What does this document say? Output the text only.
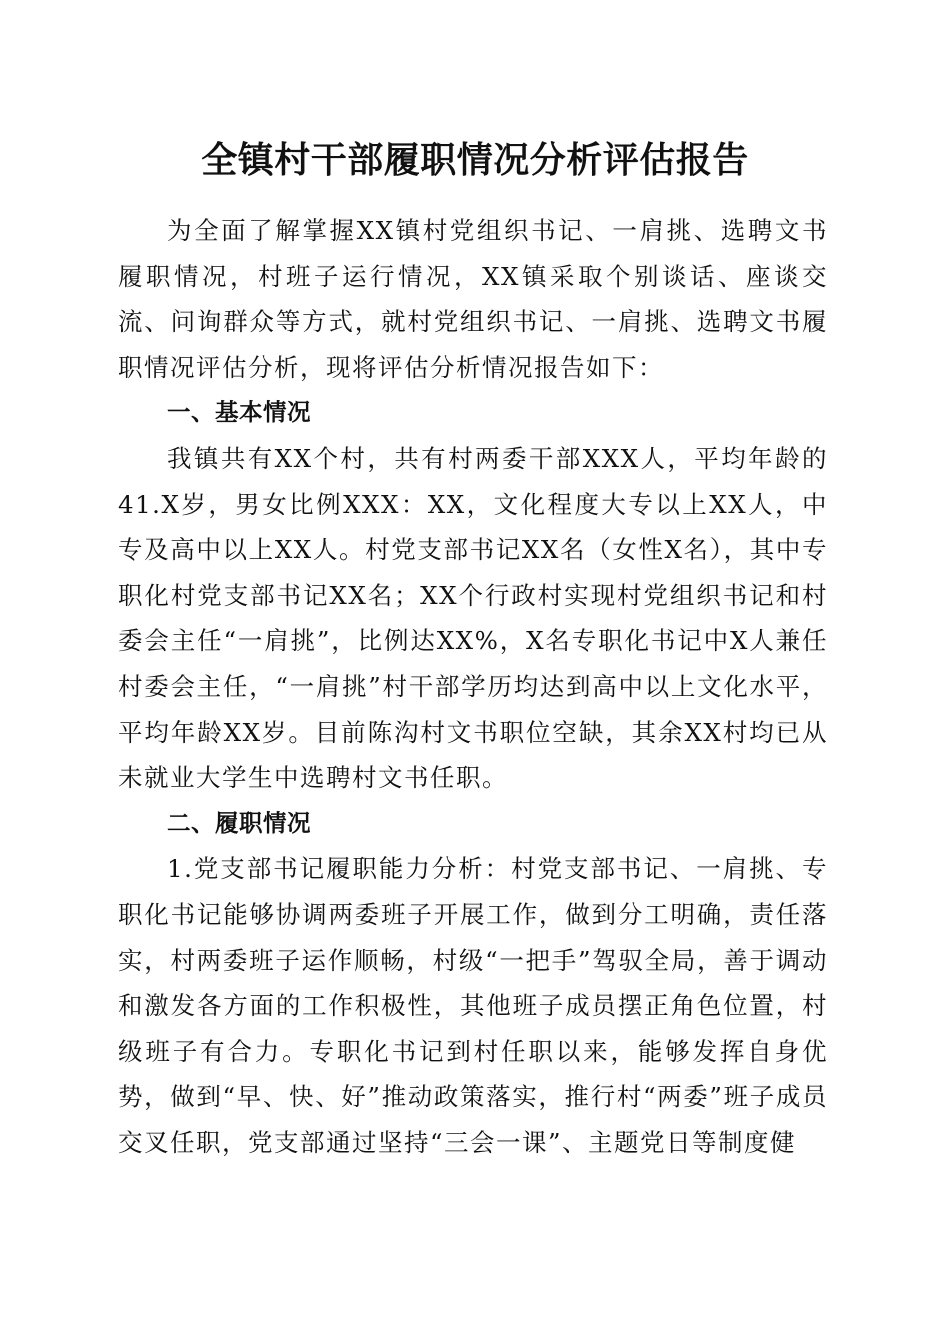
全镇村干部履职情况分析评估报告

为全面了解掌握XX镇村党组织书记、一肩挑、选聘文书履职情况，村班子运行情况，XX镇采取个别谈话、座谈交流、问询群众等方式，就村党组织书记、一肩挑、选聘文书履职情况评估分析，现将评估分析情况报告如下：

一、基本情况

我镇共有XX个村，共有村两委干部XXX人，平均年龄的41.X岁，男女比例XXX：XX，文化程度大专以上XX人，中专及高中以上XX人。村党支部书记XX名（女性X名），其中专职化村党支部书记XX名；XX个行政村实现村党组织书记和村委会主任“一肩挑”，比例达XX%，X名专职化书记中X人兼任村委会主任，“一肩挑”村干部学历均达到高中以上文化水平，平均年龄XX岁。目前陈沟村文书职位空缺，其余XX村均已从未就业大学生中选聘村文书任职。

二、履职情况

1.党支部书记履职能力分析：村党支部书记、一肩挑、专职化书记能够协调两委班子开展工作，做到分工明确，责任落实，村两委班子运作顺畅，村级“一把手”驾驭全局，善于调动和激发各方面的工作积极性，其他班子成员摆正角色位置，村级班子有合力。专职化书记到村任职以来，能够发挥自身优势，做到“早、快、好”推动政策落实，推行村“两委”班子成员交叉任职，党支部通过坚持“三会一课”、主题党日等制度健
